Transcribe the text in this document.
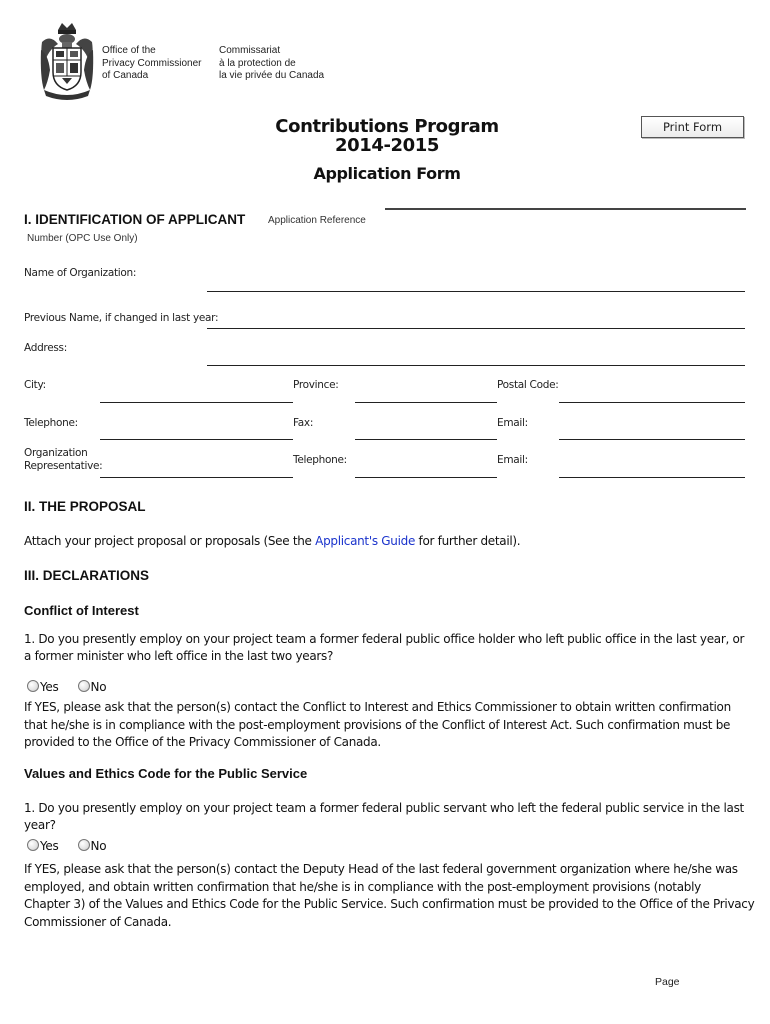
Office of the
Privacy Commissioner
of Canada
Commissariat
à la protection de
la vie privée du Canada
Contributions Program
2014-2015
Application Form
Print Form
I. IDENTIFICATION OF APPLICANT Application Reference
Number (OPC Use Only)
Name of Organization:
Previous Name, if changed in last year:
Address:
City:	Province:	Postal Code:
Telephone:	Fax:	Email:
Organization
Representative:	Telephone:	Email:
II. THE PROPOSAL
Attach your project proposal or proposals (See the Applicant's Guide for further detail).
III. DECLARATIONS
Conflict of Interest
1. Do you presently employ on your project team a former federal public office holder who left public office in the last year, or
a former minister who left office in the last two years?
Yes	No
If YES, please ask that the person(s) contact the Conflict to Interest and Ethics Commissioner to obtain written confirmation
that he/she is in compliance with the post-employment provisions of the Conflict of Interest Act. Such confirmation must be
provided to the Office of the Privacy Commissioner of Canada.
Values and Ethics Code for the Public Service
1. Do you presently employ on your project team a former federal public servant who left the federal public service in the last
year?
Yes	No
If YES, please ask that the person(s) contact the Deputy Head of the last federal government organization where he/she was
employed, and obtain written confirmation that he/she is in compliance with the post-employment provisions (notably
Chapter 3) of the Values and Ethics Code for the Public Service. Such confirmation must be provided to the Office of the Privacy
Commissioner of Canada.
Page
